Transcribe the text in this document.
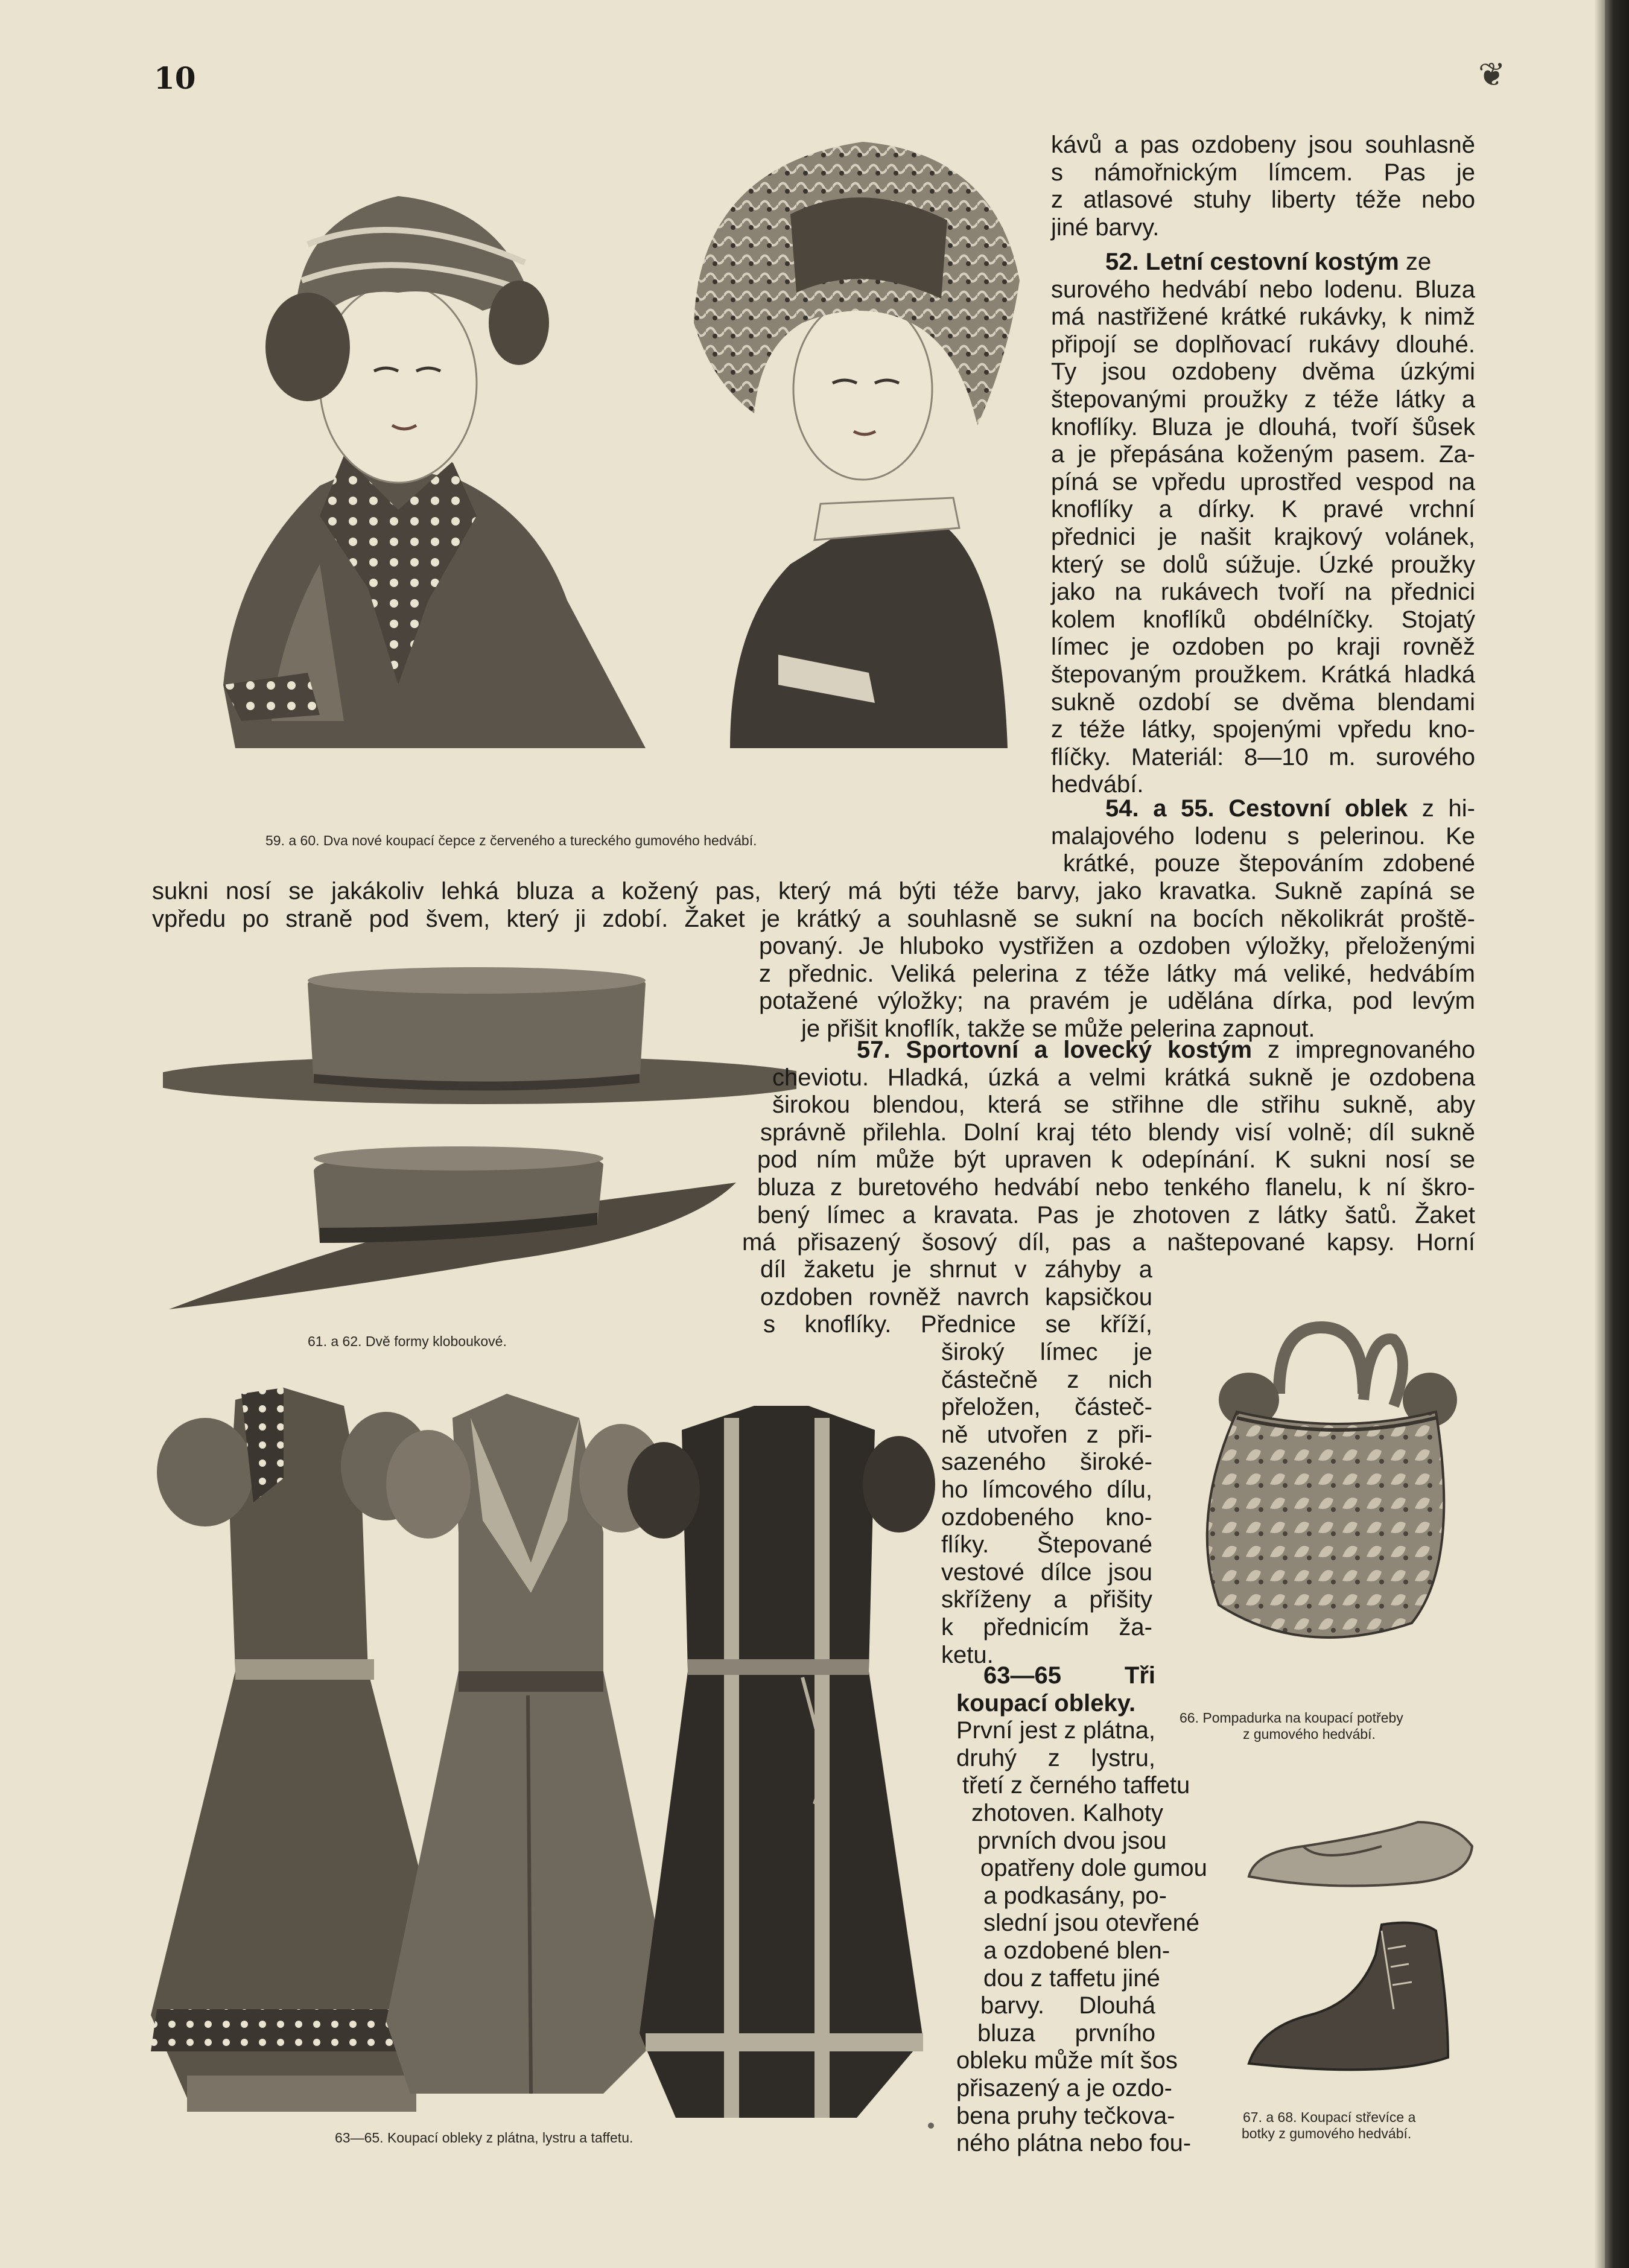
10	❦
59. a 60. Dva nové koupací čepce z červeného a tureckého gumového hedvábí.
61. a 62. Dvě formy kloboukové.
63—65. Koupací obleky z plátna, lystru a taffetu.
66. Pompadurka na koupací potřeby
z gumového hedvábí.
67. a 68. Koupací střevíce a
botky z gumového hedvábí.
kávů a pas ozdobeny jsou souhlasně
s námořnickým límcem. Pas je
z atlasové stuhy liberty téže nebo
jiné barvy.
52. Letní cestovní kostým ze
surového hedvábí nebo lodenu. Bluza
má nastřižené krátké rukávky, k nimž
připojí se doplňovací rukávy dlouhé.
Ty jsou ozdobeny dvěma úzkými
štepovanými proužky z téže látky a
knoflíky. Bluza je dlouhá, tvoří šůsek
a je přepásána koženým pasem. Za-
píná se vpředu uprostřed vespod na
knoflíky a dírky. K pravé vrchní
přednici je našit krajkový volánek,
který se dolů súžuje. Úzké proužky
jako na rukávech tvoří na přednici
kolem knoflíků obdélníčky. Stojatý
límec je ozdoben po kraji rovněž
štepovaným proužkem. Krátká hladká
sukně ozdobí se dvěma blendami
z téže látky, spojenými vpředu kno-
flíčky. Materiál: 8—10 m. surového
hedvábí.
54. a 55. Cestovní oblek z hi-
malajového lodenu s pelerinou. Ke
krátké, pouze štepováním zdobené
sukni nosí se jakákoliv lehká bluza a kožený pas, který má býti téže barvy, jako kravatka. Sukně zapíná se
vpředu po straně pod švem, který ji zdobí. Žaket je krátký a souhlasně se sukní na bocích několikrát proště-
povaný. Je hluboko vystřižen a ozdoben výložky, přeloženými
z přednic. Veliká pelerina z téže látky má veliké, hedvábím
potažené výložky; na pravém je udělána dírka, pod levým
je přišit knoflík, takže se může pelerina zapnout.
57. Sportovní a lovecký kostým z impregnovaného
cheviotu. Hladká, úzká a velmi krátká sukně je ozdobena
širokou blendou, která se střihne dle střihu sukně, aby
správně přilehla. Dolní kraj této blendy visí volně; díl sukně
pod ním může být upraven k odepínání. K sukni nosí se
bluza z buretového hedvábí nebo tenkého flanelu, k ní škro-
bený límec a kravata. Pas je zhotoven z látky šatů. Žaket
má přisazený šosový díl, pas a naštepované kapsy. Horní
díl žaketu je shrnut v záhyby a
ozdoben rovněž navrch kapsičkou
s knoflíky. Přednice se kříží,
široký límec je
částečně z nich
přeložen, částeč-
ně utvořen z při-
sazeného široké-
ho límcového dílu,
ozdobeného kno-
flíky. Štepované
vestové dílce jsou
skříženy a přišity
k přednicím ža-
ketu.
63—65 Tři
koupací obleky.
První jest z plátna,
druhý z lystru,
třetí z černého taffetu
zhotoven. Kalhoty
prvních dvou jsou
opatřeny dole gumou
a podkasány, po-
slední jsou otevřené
a ozdobené blen-
dou z taffetu jiné
barvy. Dlouhá
bluza prvního
obleku může mít šos
přisazený a je ozdo-
bena pruhy tečkova-
ného plátna nebo fou-
